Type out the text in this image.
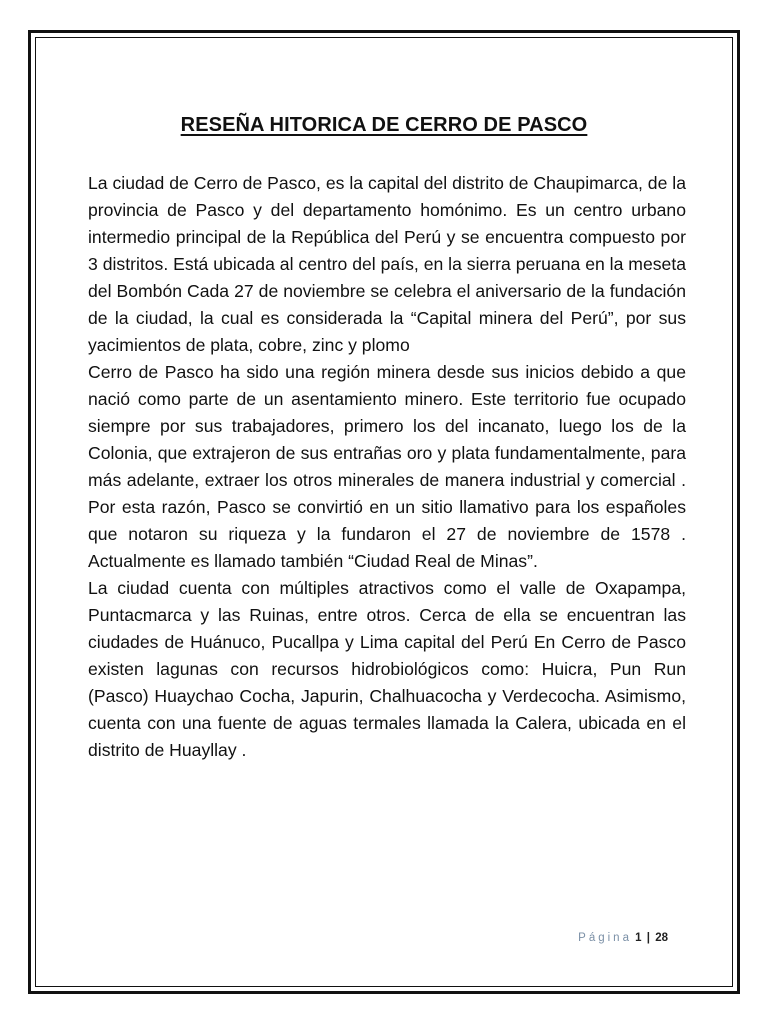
RESEÑA HITORICA DE CERRO DE PASCO

La ciudad de Cerro de Pasco, es la capital del distrito de Chaupimarca, de la provincia de Pasco y del departamento homónimo. Es un centro urbano intermedio principal de la República del Perú y se encuentra compuesto por 3 distritos. Está ubicada al centro del país, en la sierra peruana en la meseta del Bombón Cada 27 de noviembre se celebra el aniversario de la fundación de la ciudad, la cual es considerada la “Capital minera del Perú”, por sus yacimientos de plata, cobre, zinc y plomo

Cerro de Pasco ha sido una región minera desde sus inicios debido a que nació como parte de un asentamiento minero. Este territorio fue ocupado siempre por sus trabajadores, primero los del incanato, luego los de la Colonia, que extrajeron de sus entrañas oro y plata fundamentalmente, para más adelante, extraer los otros minerales de manera industrial y comercial . Por esta razón, Pasco se convirtió en un sitio llamativo para los españoles que notaron su riqueza y la fundaron el 27 de noviembre de 1578 . Actualmente es llamado también “Ciudad Real de Minas”.

La ciudad cuenta con múltiples atractivos como el valle de Oxapampa, Puntacmarca y las Ruinas, entre otros. Cerca de ella se encuentran las ciudades de Huánuco, Pucallpa y Lima capital del Perú En Cerro de Pasco existen lagunas con recursos hidrobiológicos como: Huicra, Pun Run (Pasco) Huaychao Cocha, Japurin, Chalhuacocha y Verdecocha. Asimismo, cuenta con una fuente de aguas termales llamada la Calera, ubicada en el distrito de Huayllay .

Página 1 | 28
